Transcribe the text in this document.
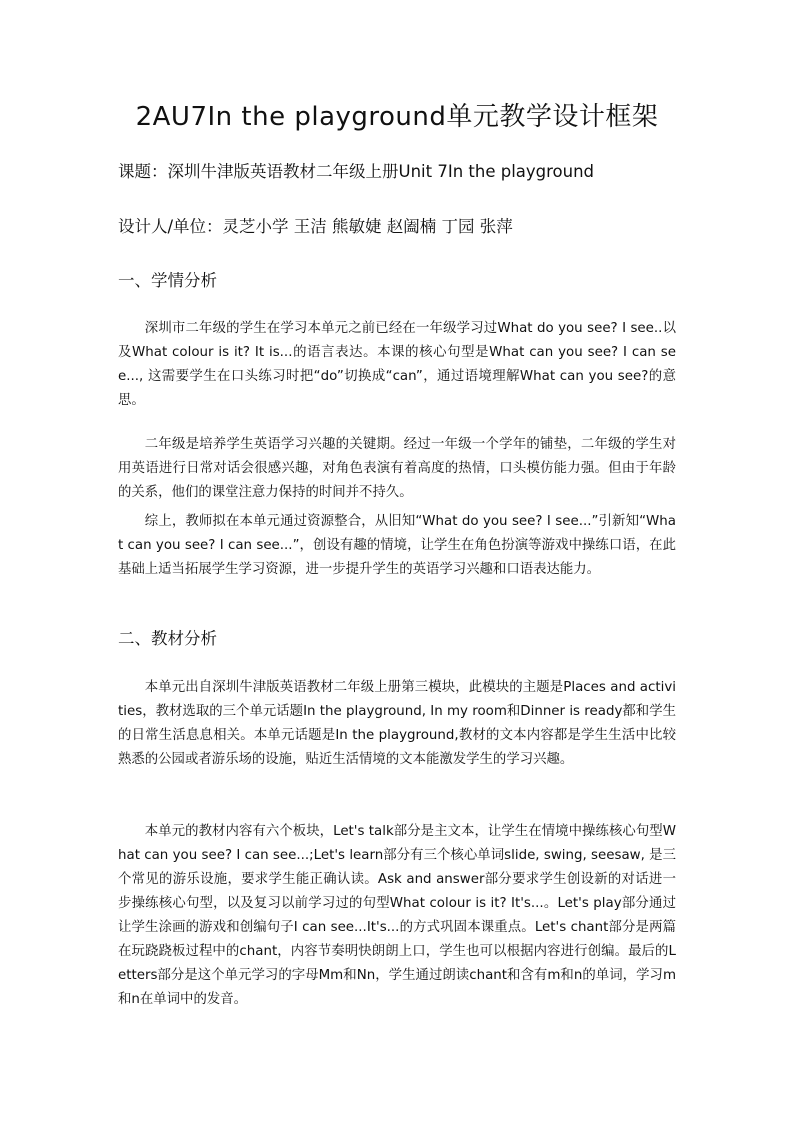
2AU7In the playground单元教学设计框架
课题：深圳牛津版英语教材二年级上册Unit 7In the playground
设计人/单位：灵芝小学 王洁 熊敏婕 赵阖楠 丁园 张萍
一、学情分析
深圳市二年级的学生在学习本单元之前已经在一年级学习过What do you see? I see..以及What colour is it? It is...的语言表达。本课的核心句型是What can you see? I can see..., 这需要学生在口头练习时把“do”切换成“can”，通过语境理解What can you see?的意思。
二年级是培养学生英语学习兴趣的关键期。经过一年级一个学年的铺垫，二年级的学生对用英语进行日常对话会很感兴趣，对角色表演有着高度的热情，口头模仿能力强。但由于年龄的关系，他们的课堂注意力保持的时间并不持久。
综上，教师拟在本单元通过资源整合，从旧知“What do you see? I see...”引新知“What can you see? I can see...”，创设有趣的情境，让学生在角色扮演等游戏中操练口语，在此基础上适当拓展学生学习资源，进一步提升学生的英语学习兴趣和口语表达能力。
二、教材分析
本单元出自深圳牛津版英语教材二年级上册第三模块，此模块的主题是Places and activities，教材选取的三个单元话题In the playground, In my room和Dinner is ready都和学生的日常生活息息相关。本单元话题是In the playground,教材的文本内容都是学生生活中比较熟悉的公园或者游乐场的设施，贴近生活情境的文本能激发学生的学习兴趣。
本单元的教材内容有六个板块，Let's talk部分是主文本，让学生在情境中操练核心句型What can you see? I can see...;Let's learn部分有三个核心单词slide, swing, seesaw, 是三个常见的游乐设施，要求学生能正确认读。Ask and answer部分要求学生创设新的对话进一步操练核心句型，以及复习以前学习过的句型What colour is it? It's...。Let's play部分通过让学生涂画的游戏和创编句子I can see...It's...的方式巩固本课重点。Let's chant部分是两篇在玩跷跷板过程中的chant，内容节奏明快朗朗上口，学生也可以根据内容进行创编。最后的Letters部分是这个单元学习的字母Mm和Nn，学生通过朗读chant和含有m和n的单词，学习m和n在单词中的发音。
